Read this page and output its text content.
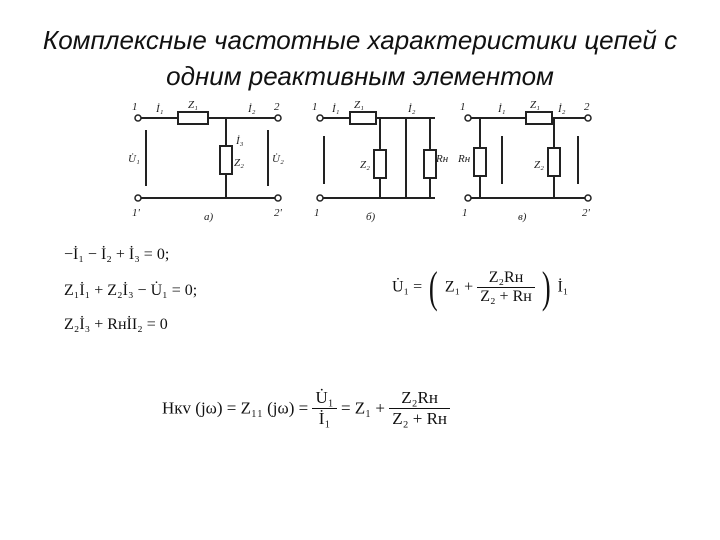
Комплексные частотные характеристики цепей с
одним реактивным элементом
1	2
1'	2'
İ₁	İ₂
İ₃
Z₁
Z₂
U̇₁	U̇₂
a)
1
1
İ₁	İ₂
Z₁
Z₂	Rн
б)
1	2
1	2'
İ₁	İ₂
Z₁
Z₂
Rн
в)
−İ₁ − İ₂ + İ₃ = 0;
Z₁İ₁ + Z₂İ₃ − U̇₁ = 0;
Z₂İ₃ + RнİI₂ = 0
U̇₁ = ( $Z_1 + \frac{\text{Z₂Rн}}{\text{Z₂ + Rн}}$ ) İ₁
Hкv (jω) = Z₁₁ $(j\omega) = \frac{\text{U̇₁}}{\text{İ₁}} = Z_1 + \frac{\text{Z₂Rн}}{\text{Z₂ + Rн}}$
